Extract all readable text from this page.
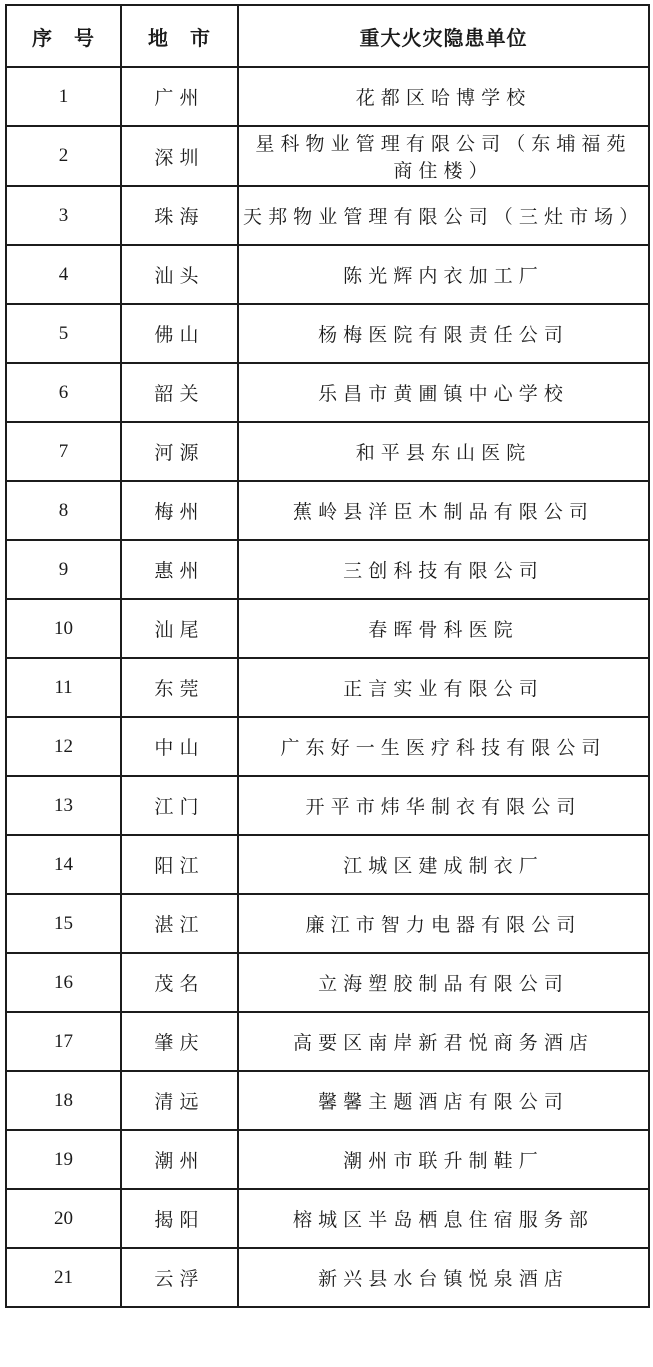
序　号	地　市	重大火灾隐患单位
1	广州	花都区哈博学校
2	深圳	星科物业管理有限公司（东埔福苑商住楼）
3	珠海	天邦物业管理有限公司（三灶市场）
4	汕头	陈光辉内衣加工厂
5	佛山	杨梅医院有限责任公司
6	韶关	乐昌市黄圃镇中心学校
7	河源	和平县东山医院
8	梅州	蕉岭县洋臣木制品有限公司
9	惠州	三创科技有限公司
10	汕尾	春晖骨科医院
11	东莞	正言实业有限公司
12	中山	广东好一生医疗科技有限公司
13	江门	开平市炜华制衣有限公司
14	阳江	江城区建成制衣厂
15	湛江	廉江市智力电器有限公司
16	茂名	立海塑胶制品有限公司
17	肇庆	高要区南岸新君悦商务酒店
18	清远	馨馨主题酒店有限公司
19	潮州	潮州市联升制鞋厂
20	揭阳	榕城区半岛栖息住宿服务部
21	云浮	新兴县水台镇悦泉酒店
